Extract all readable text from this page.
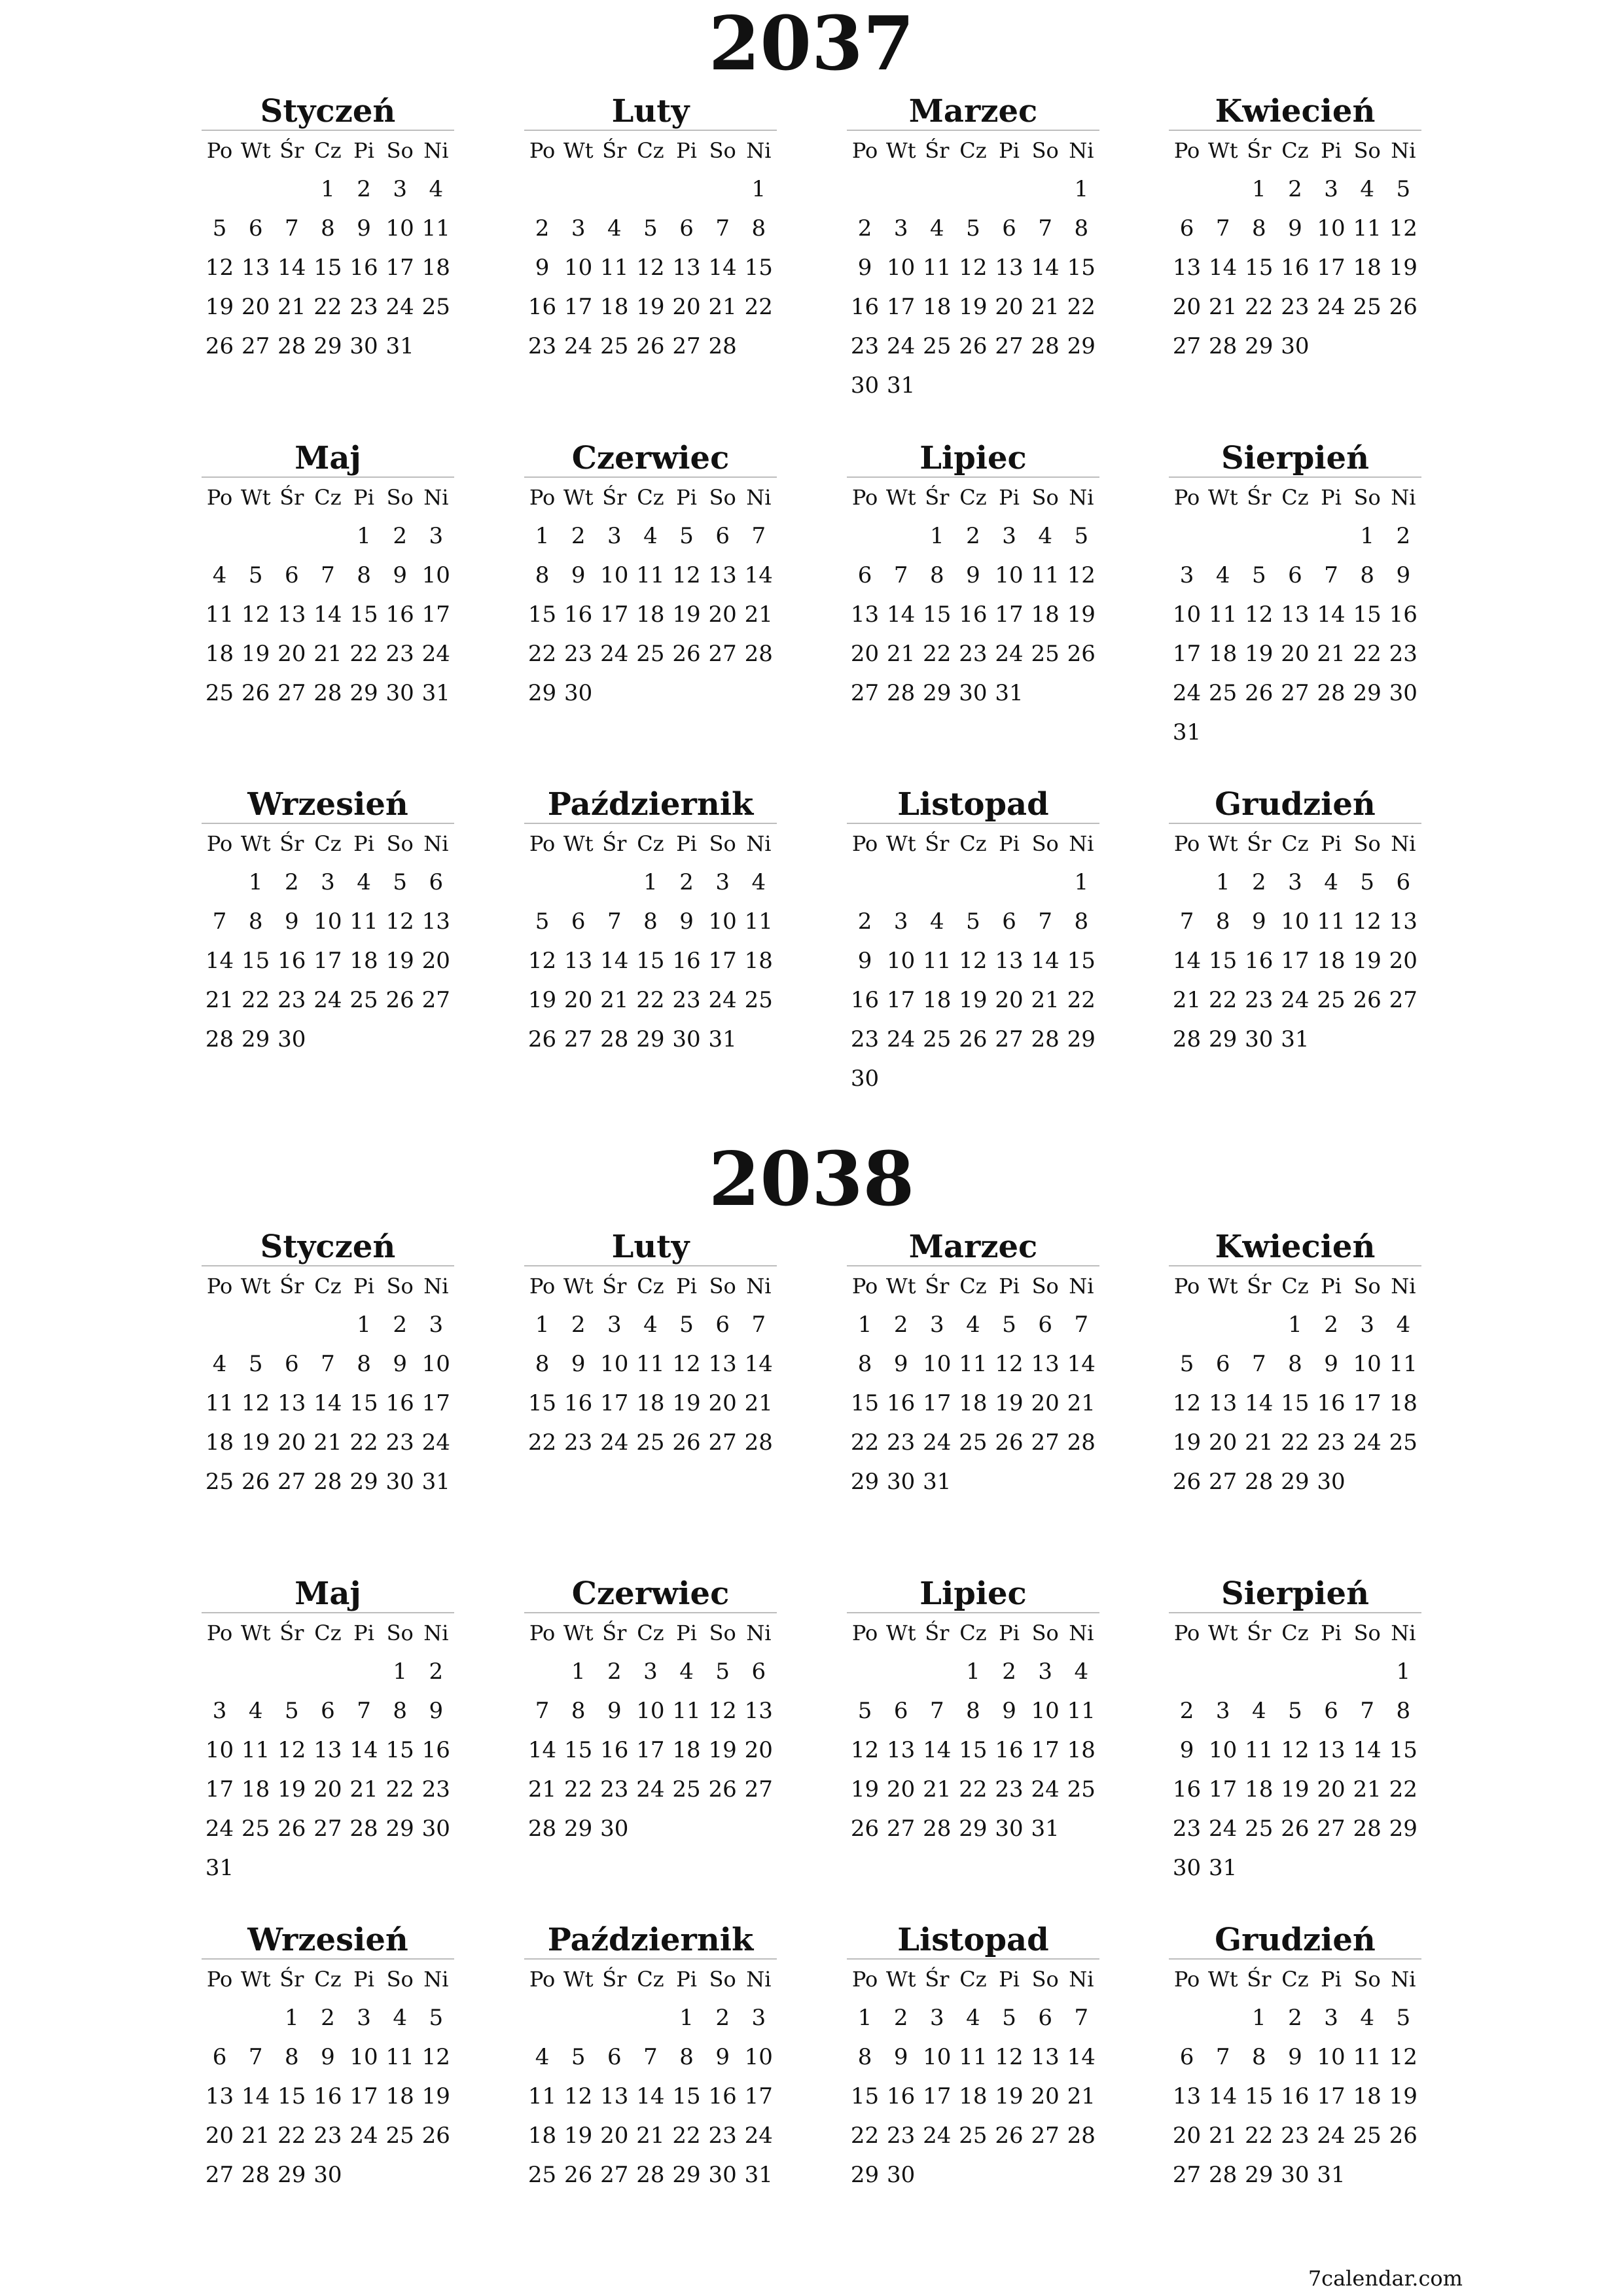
2037
Styczeń
Po Wt Śr Cz Pi So Ni
1 2 3 4
5 6 7 8 9 10 11
12 13 14 15 16 17 18
19 20 21 22 23 24 25
26 27 28 29 30 31
Luty
Po Wt Śr Cz Pi So Ni
1
2 3 4 5 6 7 8
9 10 11 12 13 14 15
16 17 18 19 20 21 22
23 24 25 26 27 28
Marzec
Po Wt Śr Cz Pi So Ni
1
2 3 4 5 6 7 8
9 10 11 12 13 14 15
16 17 18 19 20 21 22
23 24 25 26 27 28 29
30 31
Kwiecień
Po Wt Śr Cz Pi So Ni
1 2 3 4 5
6 7 8 9 10 11 12
13 14 15 16 17 18 19
20 21 22 23 24 25 26
27 28 29 30
Maj
Po Wt Śr Cz Pi So Ni
1 2 3
4 5 6 7 8 9 10
11 12 13 14 15 16 17
18 19 20 21 22 23 24
25 26 27 28 29 30 31
Czerwiec
Po Wt Śr Cz Pi So Ni
1 2 3 4 5 6 7
8 9 10 11 12 13 14
15 16 17 18 19 20 21
22 23 24 25 26 27 28
29 30
Lipiec
Po Wt Śr Cz Pi So Ni
1 2 3 4 5
6 7 8 9 10 11 12
13 14 15 16 17 18 19
20 21 22 23 24 25 26
27 28 29 30 31
Sierpień
Po Wt Śr Cz Pi So Ni
1 2
3 4 5 6 7 8 9
10 11 12 13 14 15 16
17 18 19 20 21 22 23
24 25 26 27 28 29 30
31
Wrzesień
Po Wt Śr Cz Pi So Ni
1 2 3 4 5 6
7 8 9 10 11 12 13
14 15 16 17 18 19 20
21 22 23 24 25 26 27
28 29 30
Październik
Po Wt Śr Cz Pi So Ni
1 2 3 4
5 6 7 8 9 10 11
12 13 14 15 16 17 18
19 20 21 22 23 24 25
26 27 28 29 30 31
Listopad
Po Wt Śr Cz Pi So Ni
1
2 3 4 5 6 7 8
9 10 11 12 13 14 15
16 17 18 19 20 21 22
23 24 25 26 27 28 29
30
Grudzień
Po Wt Śr Cz Pi So Ni
1 2 3 4 5 6
7 8 9 10 11 12 13
14 15 16 17 18 19 20
21 22 23 24 25 26 27
28 29 30 31
2038
Styczeń
Po Wt Śr Cz Pi So Ni
1 2 3
4 5 6 7 8 9 10
11 12 13 14 15 16 17
18 19 20 21 22 23 24
25 26 27 28 29 30 31
Luty
Po Wt Śr Cz Pi So Ni
1 2 3 4 5 6 7
8 9 10 11 12 13 14
15 16 17 18 19 20 21
22 23 24 25 26 27 28
Marzec
Po Wt Śr Cz Pi So Ni
1 2 3 4 5 6 7
8 9 10 11 12 13 14
15 16 17 18 19 20 21
22 23 24 25 26 27 28
29 30 31
Kwiecień
Po Wt Śr Cz Pi So Ni
1 2 3 4
5 6 7 8 9 10 11
12 13 14 15 16 17 18
19 20 21 22 23 24 25
26 27 28 29 30
Maj
Po Wt Śr Cz Pi So Ni
1 2
3 4 5 6 7 8 9
10 11 12 13 14 15 16
17 18 19 20 21 22 23
24 25 26 27 28 29 30
31
Czerwiec
Po Wt Śr Cz Pi So Ni
1 2 3 4 5 6
7 8 9 10 11 12 13
14 15 16 17 18 19 20
21 22 23 24 25 26 27
28 29 30
Lipiec
Po Wt Śr Cz Pi So Ni
1 2 3 4
5 6 7 8 9 10 11
12 13 14 15 16 17 18
19 20 21 22 23 24 25
26 27 28 29 30 31
Sierpień
Po Wt Śr Cz Pi So Ni
1
2 3 4 5 6 7 8
9 10 11 12 13 14 15
16 17 18 19 20 21 22
23 24 25 26 27 28 29
30 31
Wrzesień
Po Wt Śr Cz Pi So Ni
1 2 3 4 5
6 7 8 9 10 11 12
13 14 15 16 17 18 19
20 21 22 23 24 25 26
27 28 29 30
Październik
Po Wt Śr Cz Pi So Ni
1 2 3
4 5 6 7 8 9 10
11 12 13 14 15 16 17
18 19 20 21 22 23 24
25 26 27 28 29 30 31
Listopad
Po Wt Śr Cz Pi So Ni
1 2 3 4 5 6 7
8 9 10 11 12 13 14
15 16 17 18 19 20 21
22 23 24 25 26 27 28
29 30
Grudzień
Po Wt Śr Cz Pi So Ni
1 2 3 4 5
6 7 8 9 10 11 12
13 14 15 16 17 18 19
20 21 22 23 24 25 26
27 28 29 30 31
7calendar.com
